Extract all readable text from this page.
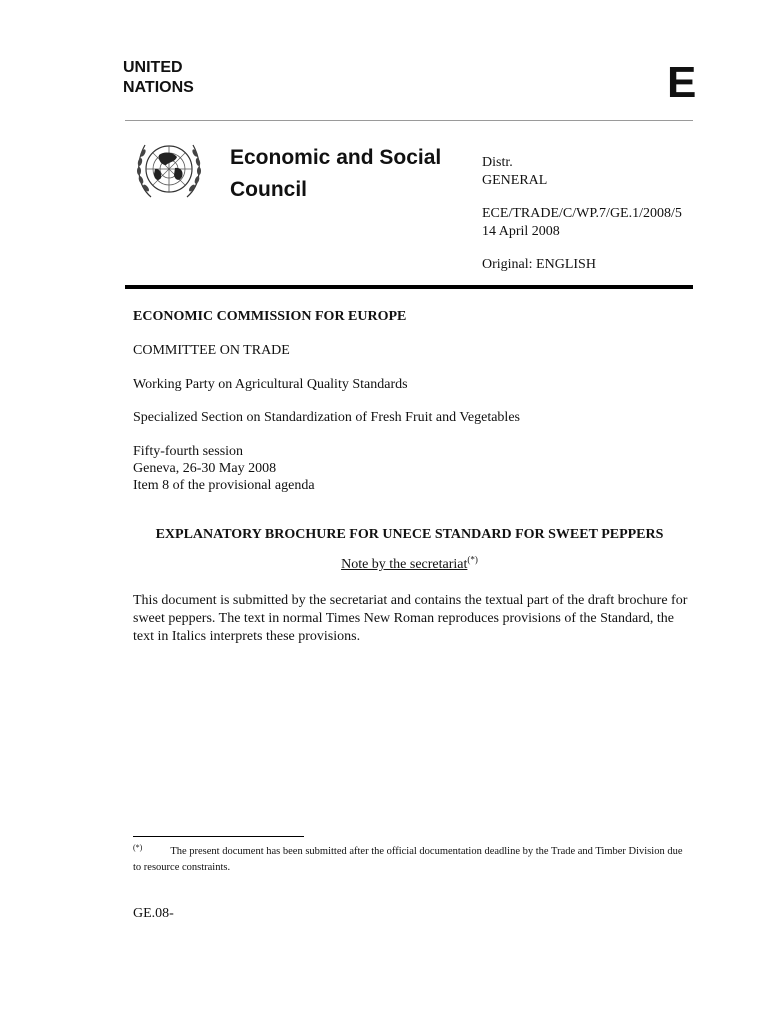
UNITED
NATIONS	E
Economic and Social
Council
Distr.
GENERAL
ECE/TRADE/C/WP.7/GE.1/2008/5
14 April 2008
Original: ENGLISH
ECONOMIC COMMISSION FOR EUROPE
COMMITTEE ON TRADE
Working Party on Agricultural Quality Standards
Specialized Section on Standardization of Fresh Fruit and Vegetables
Fifty-fourth session
Geneva, 26-30 May 2008
Item 8 of the provisional agenda
EXPLANATORY BROCHURE FOR UNECE STANDARD FOR SWEET PEPPERS
Note by the secretariat(*)
This document is submitted by the secretariat and contains the textual part of the draft brochure for sweet peppers. The text in normal Times New Roman reproduces provisions of the Standard, the text in Italics interprets these provisions.
(*)	The present document has been submitted after the official documentation deadline by the Trade and Timber Division due to resource constraints.
GE.08-
